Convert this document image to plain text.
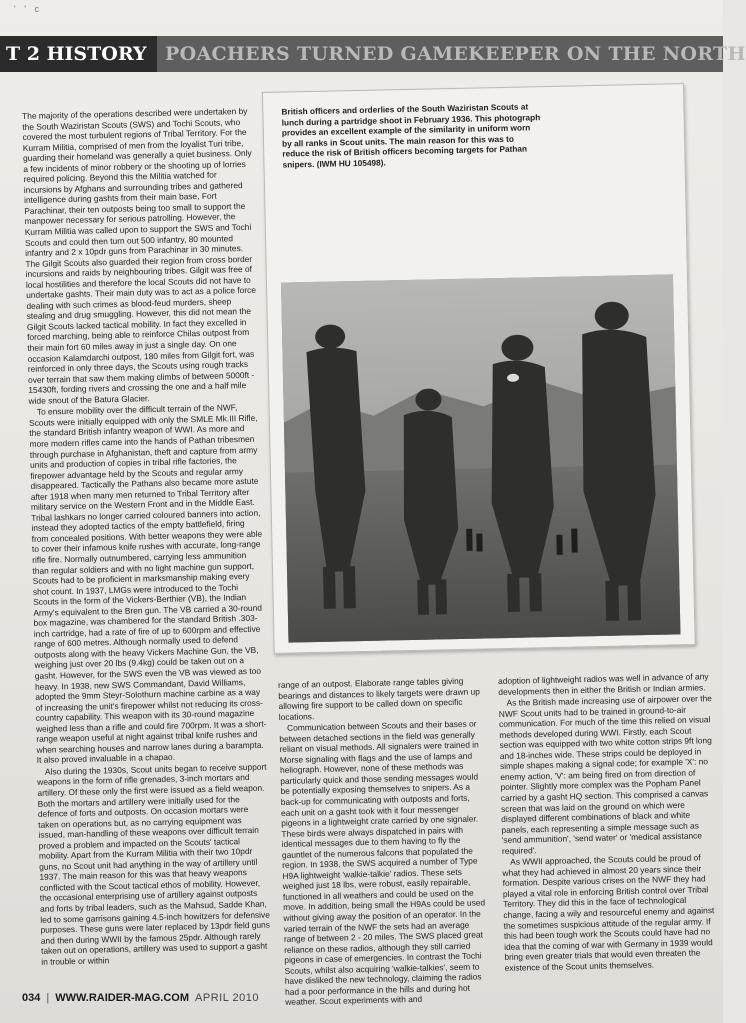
' ' c
POACHERS TURNED GAMEKEEPER ON THE NORTH
T 2 HISTORY

The majority of the operations described were undertaken by the South Waziristan Scouts (SWS) and Tochi Scouts, who covered the most turbulent regions of Tribal Territory. For the Kurram Militia, comprised of men from the loyalist Turi tribe, guarding their homeland was generally a quiet business. Only a few incidents of minor robbery or the shooting up of lorries required policing. Beyond this the Militia watched for incursions by Afghans and surrounding tribes and gathered intelligence during gashts from their main base, Fort Parachinar, their ten outposts being too small to support the manpower necessary for serious patrolling. However, the Kurram Militia was called upon to support the SWS and Tochi Scouts and could then turn out 500 infantry, 80 mounted infantry and 2 x 10pdr guns from Parachinar in 30 minutes. The Gilgit Scouts also guarded their region from cross border incursions and raids by neighbouring tribes. Gilgit was free of local hostilities and therefore the local Scouts did not have to undertake gashts. Their main duty was to act as a police force dealing with such crimes as blood-feud murders, sheep stealing and drug smuggling. However, this did not mean the Gilgit Scouts lacked tactical mobility. In fact they excelled in forced marching, being able to reinforce Chilas outpost from their main fort 60 miles away in just a single day. On one occasion Kalamdarchi outpost, 180 miles from Gilgit fort, was reinforced in only three days, the Scouts using rough tracks over terrain that saw them making climbs of between 5000ft - 15430ft, fording rivers and crossing the one and a half mile wide snout of the Batura Glacier.

To ensure mobility over the difficult terrain of the NWF, Scouts were initially equipped with only the SMLE Mk.III Rifle, the standard British infantry weapon of WWI. As more and more modern rifles came into the hands of Pathan tribesmen through purchase in Afghanistan, theft and capture from army units and production of copies in tribal rifle factories, the firepower advantage held by the Scouts and regular army disappeared. Tactically the Pathans also became more astute after 1918 when many men returned to Tribal Territory after military service on the Western Front and in the Middle East. Tribal lashkars no longer carried coloured banners into action, instead they adopted tactics of the empty battlefield, firing from concealed positions. With better weapons they were able to cover their infamous knife rushes with accurate, long-range rifle fire. Normally outnumbered, carrying less ammunition than regular soldiers and with no light machine gun support, Scouts had to be proficient in marksmanship making every shot count. In 1937, LMGs were introduced to the Tochi Scouts in the form of the Vickers-Berthier (VB), the Indian Army's equivalent to the Bren gun. The VB carried a 30-round box magazine, was chambered for the standard British .303-inch cartridge, had a rate of fire of up to 600rpm and effective range of 600 metres. Although normally used to defend outposts along with the heavy Vickers Machine Gun, the VB, weighing just over 20 lbs (9.4kg) could be taken out on a gasht. However, for the SWS even the VB was viewed as too heavy. In 1938, new SWS Commandant, David Williams, adopted the 9mm Steyr-Solothurn machine carbine as a way of increasing the unit's firepower whilst not reducing its cross-country capability. This weapon with its 30-round magazine weighed less than a rifle and could fire 700rpm. It was a short-range weapon useful at night against tribal knife rushes and when searching houses and narrow lanes during a barampta. It also proved invaluable in a chapao.

Also during the 1930s, Scout units began to receive support weapons in the form of rifle grenades, 3-inch mortars and artillery. Of these only the first were issued as a field weapon. Both the mortars and artillery were initially used for the defence of forts and outposts. On occasion mortars were taken on operations but, as no carrying equipment was issued, man-handling of these weapons over difficult terrain proved a problem and impacted on the Scouts' tactical mobility. Apart from the Kurram Militia with their two 10pdr guns, no Scout unit had anything in the way of artillery until 1937. The main reason for this was that heavy weapons conflicted with the Scout tactical ethos of mobility. However, the occasional enterprising use of artillery against outposts and forts by tribal leaders, such as the Mahsud, Sadde Khan, led to some garrisons gaining 4.5-inch howitzers for defensive purposes. These guns were later replaced by 13pdr field guns and then during WWII by the famous 25pdr. Although rarely taken out on operations, artillery was used to support a gasht in trouble or within

British officers and orderlies of the South Waziristan Scouts at lunch during a partridge shoot in February 1936. This photograph provides an excellent example of the similarity in uniform worn by all ranks in Scout units. The main reason for this was to reduce the risk of British officers becoming targets for Pathan snipers. (IWM HU 105498).

range of an outpost. Elaborate range tables giving bearings and distances to likely targets were drawn up allowing fire support to be called down on specific locations.

Communication between Scouts and their bases or between detached sections in the field was generally reliant on visual methods. All signalers were trained in Morse signaling with flags and the use of lamps and heliograph. However, none of these methods was particularly quick and those sending messages would be potentially exposing themselves to snipers. As a back-up for communicating with outposts and forts, each unit on a gasht took with it four messenger pigeons in a lightweight crate carried by one signaler. These birds were always dispatched in pairs with identical messages due to them having to fly the gauntlet of the numerous falcons that populated the region. In 1938, the SWS acquired a number of Type H9A lightweight 'walkie-talkie' radios. These sets weighed just 18 lbs, were robust, easily repairable, functioned in all weathers and could be used on the move. In addition, being small the H9As could be used without giving away the position of an operator. In the varied terrain of the NWF the sets had an average range of between 2 - 20 miles. The SWS placed great reliance on these radios, although they still carried pigeons in case of emergencies. In contrast the Tochi Scouts, whilst also acquiring 'walkie-talkies', seem to have disliked the new technology, claiming the radios had a poor performance in the hills and during hot weather. Scout experiments with and

adoption of lightweight radios was well in advance of any developments then in either the British or Indian armies.

As the British made increasing use of airpower over the NWF Scout units had to be trained in ground-to-air communication. For much of the time this relied on visual methods developed during WWI. Firstly, each Scout section was equipped with two white cotton strips 9ft long and 18-inches wide. These strips could be deployed in simple shapes making a signal code; for example 'X': no enemy action, 'V': am being fired on from direction of pointer. Slightly more complex was the Popham Panel carried by a gasht HQ section. This comprised a canvas screen that was laid on the ground on which were displayed different combinations of black and white panels, each representing a simple message such as 'send ammunition', 'send water' or 'medical assistance required'.

As WWII approached, the Scouts could be proud of what they had achieved in almost 20 years since their formation. Despite various crises on the NWF they had played a vital role in enforcing British control over Tribal Territory. They did this in the face of technological change, facing a wily and resourceful enemy and against the sometimes suspicious attitude of the regular army. If this had been tough work the Scouts could have had no idea that the coming of war with Germany in 1939 would bring even greater trials that would even threaten the existence of the Scout units themselves.

034 | WWW.RAIDER-MAG.COM APRIL 2010
